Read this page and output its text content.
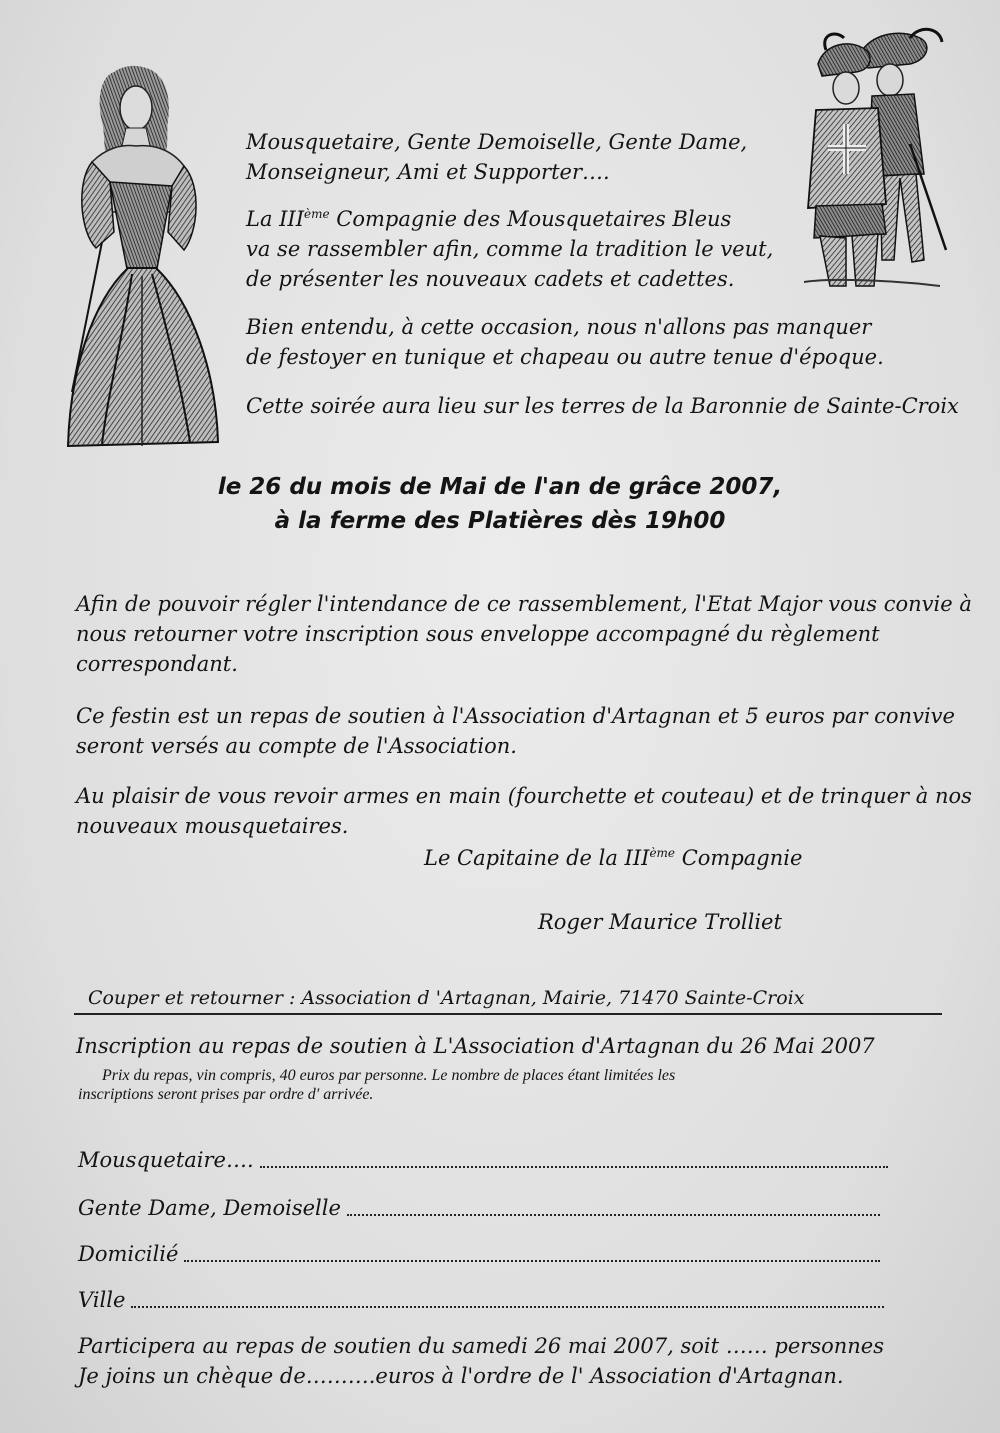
Mousquetaire, Gente Demoiselle, Gente Dame,
Monseigneur, Ami et Supporter….
La IIIème Compagnie des Mousquetaires Bleus
va se rassembler afin, comme la tradition le veut,
de présenter les nouveaux cadets et cadettes.
Bien entendu, à cette occasion, nous n'allons pas manquer
de festoyer en tunique et chapeau ou autre tenue d'époque.
Cette soirée aura lieu sur les terres de la Baronnie de Sainte-Croix
le 26 du mois de Mai de l'an de grâce 2007,
à la ferme des Platières dès 19h00
Afin de pouvoir régler l'intendance de ce rassemblement, l'Etat Major vous convie à
nous retourner votre inscription sous enveloppe accompagné du règlement
correspondant.
Ce festin est un repas de soutien à l'Association d'Artagnan et 5 euros par convive
seront versés au compte de l'Association.
Au plaisir de vous revoir armes en main (fourchette et couteau) et de trinquer à nos
nouveaux mousquetaires.
Le Capitaine de la IIIème Compagnie
Roger Maurice Trolliet
Couper et retourner : Association d 'Artagnan, Mairie, 71470 Sainte-Croix
Inscription au repas de soutien à L'Association d'Artagnan du 26 Mai 2007
Prix du repas, vin compris, 40 euros par personne. Le nombre de places étant limitées les
inscriptions seront prises par ordre d' arrivée.
Mousquetaire….
Gente Dame, Demoiselle
Domicilié
Ville
Participera au repas de soutien du samedi 26 mai 2007, soit …… personnes
Je joins un chèque de……….euros à l'ordre de l' Association d'Artagnan.
